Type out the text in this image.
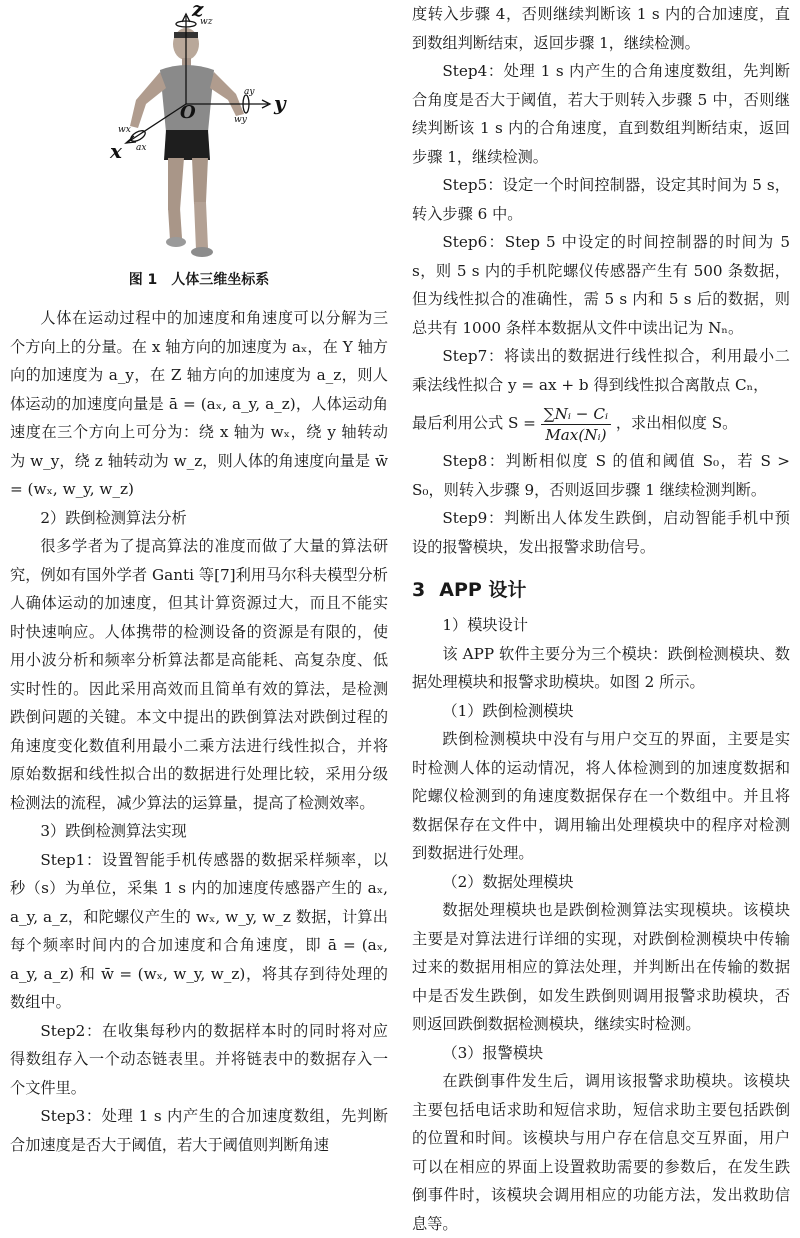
z
wz
y
ay
wy
O
x
wx
ax
图 1　人体三维坐标系

人体在运动过程中的加速度和角速度可以分解为三个方向上的分量。在 x 轴方向的加速度为 aₓ，在 Y 轴方向的加速度为 a_y，在 Z 轴方向的加速度为 a_z，则人体运动的加速度向量是 ā = (aₓ, a_y, a_z)，人体运动角速度在三个方向上可分为：绕 x 轴为 wₓ，绕 y 轴转动为 w_y，绕 z 轴转动为 w_z，则人体的角速度向量是 w̄ = (wₓ, w_y, w_z)

2）跌倒检测算法分析

很多学者为了提高算法的准度而做了大量的算法研究，例如有国外学者 Ganti 等[7]利用马尔科夫模型分析人确体运动的加速度，但其计算资源过大，而且不能实时快速响应。人体携带的检测设备的资源是有限的，使用小波分析和频率分析算法都是高能耗、高复杂度、低实时性的。因此采用高效而且简单有效的算法，是检测跌倒问题的关键。本文中提出的跌倒算法对跌倒过程的角速度变化数值利用最小二乘方法进行线性拟合，并将原始数据和线性拟合出的数据进行处理比较，采用分级检测法的流程，减少算法的运算量，提高了检测效率。

3）跌倒检测算法实现

Step1：设置智能手机传感器的数据采样频率，以秒（s）为单位，采集 1 s 内的加速度传感器产生的 aₓ, a_y, a_z，和陀螺仪产生的 wₓ, w_y, w_z 数据，计算出每个频率时间内的合加速度和合角速度，即 ā = (aₓ, a_y, a_z) 和 w̄ = (wₓ, w_y, w_z)，将其存到待处理的数组中。

Step2：在收集每秒内的数据样本时的同时将对应得数组存入一个动态链表里。并将链表中的数据存入一个文件里。

Step3：处理 1 s 内产生的合加速度数组，先判断合加速度是否大于阈值，若大于阈值则判断角速

度转入步骤 4，否则继续判断该 1 s 内的合加速度，直到数组判断结束，返回步骤 1，继续检测。

Step4：处理 1 s 内产生的合角速度数组，先判断合角度是否大于阈值，若大于则转入步骤 5 中，否则继续判断该 1 s 内的合角速度，直到数组判断结束，返回步骤 1，继续检测。

Step5：设定一个时间控制器，设定其时间为 5 s，转入步骤 6 中。

Step6：Step 5 中设定的时间控制器的时间为 5 s，则 5 s 内的手机陀螺仪传感器产生有 500 条数据，但为线性拟合的准确性，需 5 s 内和 5 s 后的数据，则总共有 1000 条样本数据从文件中读出记为 Nₙ。

Step7：将读出的数据进行线性拟合，利用最小二乘法线性拟合 y = ax + b 得到线性拟合离散点 Cₙ，

最后利用公式 $S = \frac{\text{∑Nᵢ − Cᵢ}}{\text{Max(Nᵢ)}}$ ，求出相似度 S。

Step8：判断相似度 S 的值和阈值 S₀，若 S > S₀，则转入步骤 9，否则返回步骤 1 继续检测判断。

Step9：判断出人体发生跌倒，启动智能手机中预设的报警模块，发出报警求助信号。

3 APP 设计

1）模块设计

该 APP 软件主要分为三个模块：跌倒检测模块、数据处理模块和报警求助模块。如图 2 所示。

（1）跌倒检测模块

跌倒检测模块中没有与用户交互的界面，主要是实时检测人体的运动情况，将人体检测到的加速度数据和陀螺仪检测到的角速度数据保存在一个数组中。并且将数据保存在文件中，调用输出处理模块中的程序对检测到数据进行处理。

（2）数据处理模块

数据处理模块也是跌倒检测算法实现模块。该模块主要是对算法进行详细的实现，对跌倒检测模块中传输过来的数据用相应的算法处理，并判断出在传输的数据中是否发生跌倒，如发生跌倒则调用报警求助模块，否则返回跌倒数据检测模块，继续实时检测。

（3）报警模块

在跌倒事件发生后，调用该报警求助模块。该模块主要包括电话求助和短信求助，短信求助主要包括跌倒的位置和时间。该模块与用户存在信息交互界面，用户可以在相应的界面上设置救助需要的参数后，在发生跌倒事件时，该模块会调用相应的功能方法，发出救助信息等。
